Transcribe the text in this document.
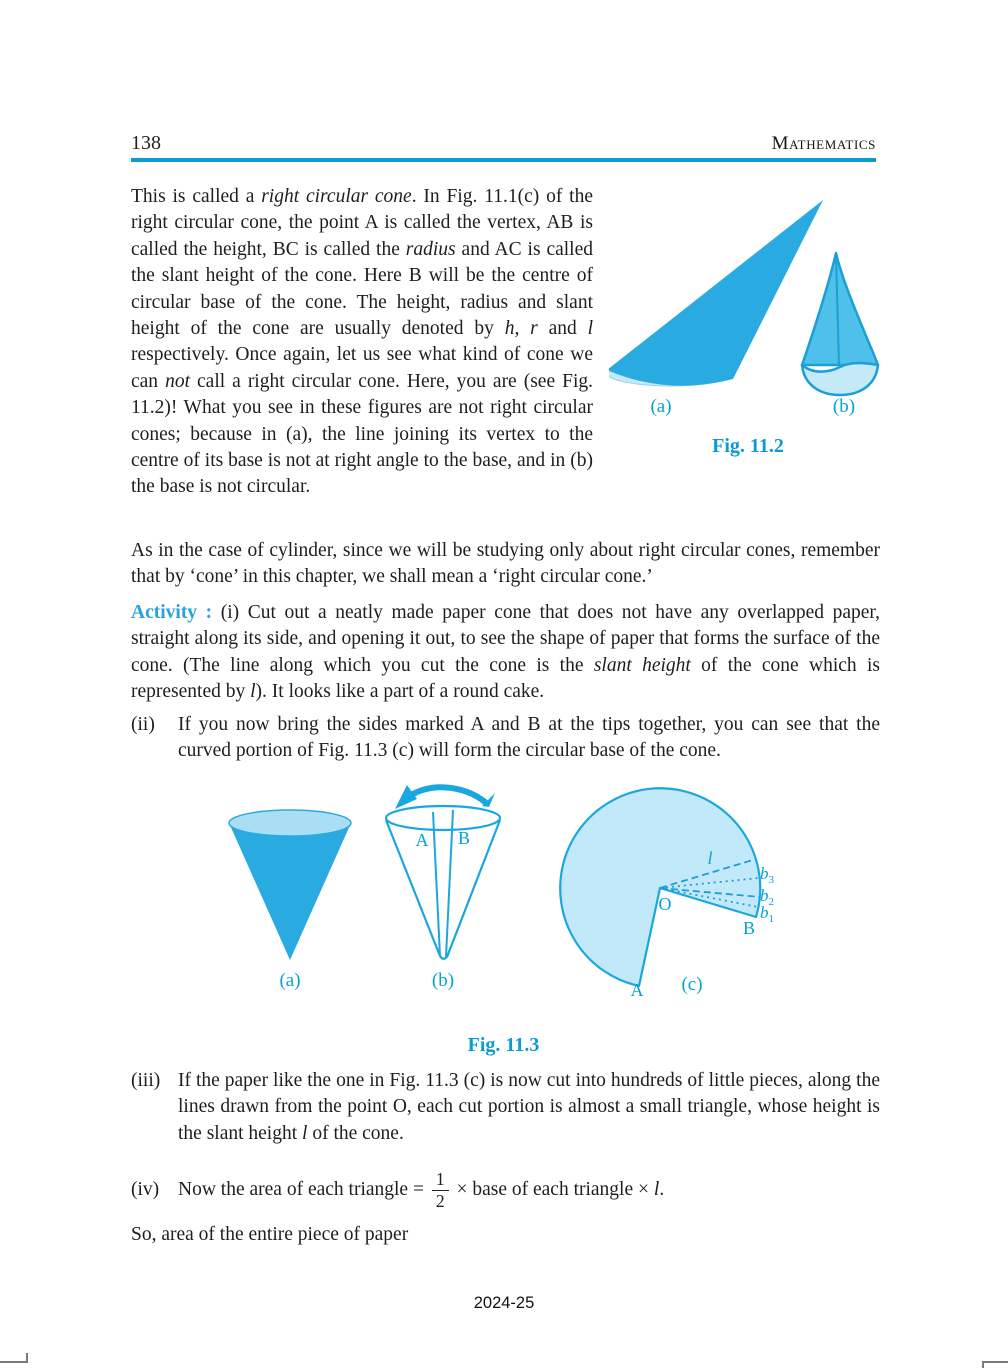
138	Mathematics
This is called a right circular cone. In Fig. 11.1(c) of the right circular cone, the point A is called the vertex, AB is called the height, BC is called the radius and AC is called the slant height of the cone. Here B will be the centre of circular base of the cone. The height, radius and slant height of the cone are usually denoted by h, r and l respectively. Once again, let us see what kind of cone we can not call a right circular cone. Here, you are (see Fig. 11.2)! What you see in these figures are not right circular cones; because in (a), the line joining its vertex to the centre of its base is not at right angle to the base, and in (b) the base is not circular.
(a)	(b)
Fig. 11.2
As in the case of cylinder, since we will be studying only about right circular cones, remember that by ‘cone’ in this chapter, we shall mean a ‘right circular cone.’
Activity : (i) Cut out a neatly made paper cone that does not have any overlapped paper, straight along its side, and opening it out, to see the shape of paper that forms the surface of the cone. (The line along which you cut the cone is the slant height of the cone which is represented by l). It looks like a part of a round cake.
(ii)	If you now bring the sides marked A and B at the tips together, you can see that the curved portion of Fig. 11.3 (c) will form the circular base of the cone.
A B
l
$b_3$
$b_2$
$b_1$
O
B
A
(a)	(b)	(c)
Fig. 11.3
(iii) If the paper like the one in Fig. 11.3 (c) is now cut into hundreds of little pieces, along the lines drawn from the point O, each cut portion is almost a small triangle, whose height is the slant height l of the cone.
(iv) Now the area of each triangle = $\frac{1}{2}$ × base of each triangle × l.
So, area of the entire piece of paper
2024-25
